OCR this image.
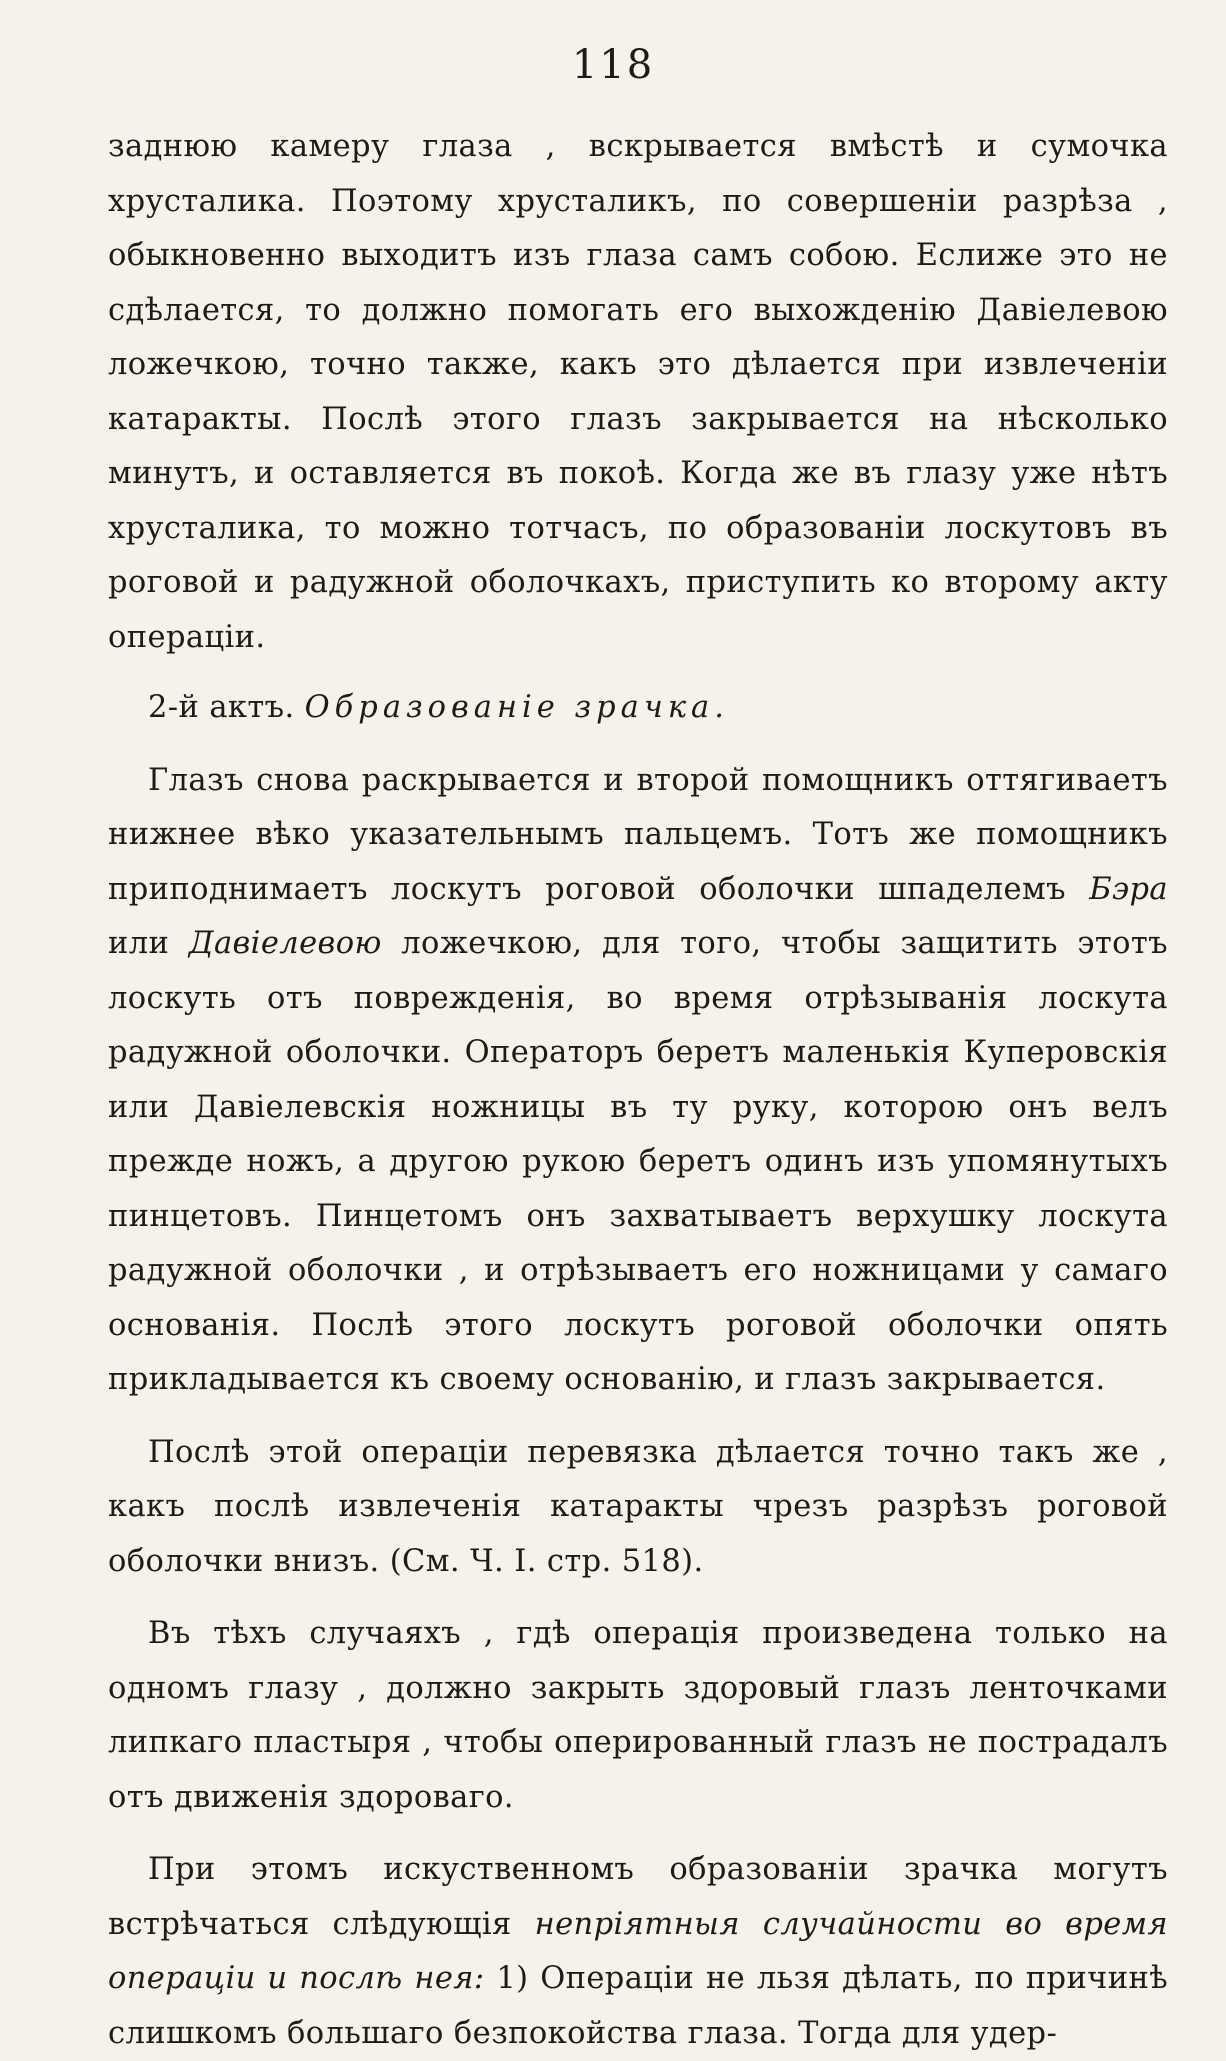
118

заднюю камеру глаза , вскрывается вмѣстѣ и сумочка хрусталика. Поэтому хрусталикъ, по совершеніи разрѣза , обыкновенно выходитъ изъ глаза самъ собою. Еслиже это не сдѣлается, то должно помогать его выхожденію Давіелевою ложечкою, точно также, какъ это дѣлается при извлеченіи катаракты. Послѣ этого глазъ закрывается на нѣсколько минутъ, и оставляется въ покоѣ. Когда же въ глазу уже нѣтъ хрусталика, то можно тотчасъ, по образованіи лоскутовъ въ роговой и радужной оболочкахъ, приступить ко второму акту операціи.

2-й актъ. Образованіе зрачка.

Глазъ снова раскрывается и второй помощникъ оттягиваетъ нижнее вѣко указательнымъ пальцемъ. Тотъ же помощникъ приподнимаетъ лоскутъ роговой оболочки шпаделемъ Бэра или Давіелевою ложечкою, для того, чтобы защитить этотъ лоскуть отъ поврежденія, во время отрѣзыванія лоскута радужной оболочки. Операторъ беретъ маленькія Куперовскія или Давіелевскія ножницы въ ту руку, которою онъ велъ прежде ножъ, а другою рукою беретъ одинъ изъ упомянутыхъ пинцетовъ. Пинцетомъ онъ захватываетъ верхушку лоскута радужной оболочки , и отрѣзываетъ его ножницами у самаго основанія. Послѣ этого лоскутъ роговой оболочки опять прикладывается къ своему основанію, и глазъ закрывается.

Послѣ этой операціи перевязка дѣлается точно такъ же , какъ послѣ извлеченія катаракты чрезъ разрѣзъ роговой оболочки внизъ. (См. Ч. I. стр. 518).

Въ тѣхъ случаяхъ , гдѣ операція произведена только на одномъ глазу , должно закрыть здоровый глазъ ленточками липкаго пластыря , чтобы оперированный глазъ не пострадалъ отъ движенія здороваго.

При этомъ искуственномъ образованіи зрачка могутъ встрѣчаться слѣдующія непріятныя случайности во время операціи и послѣ нея: 1) Операціи не льзя дѣлать, по причинѣ слишкомъ большаго безпокойства глаза. Тогда для удер-
